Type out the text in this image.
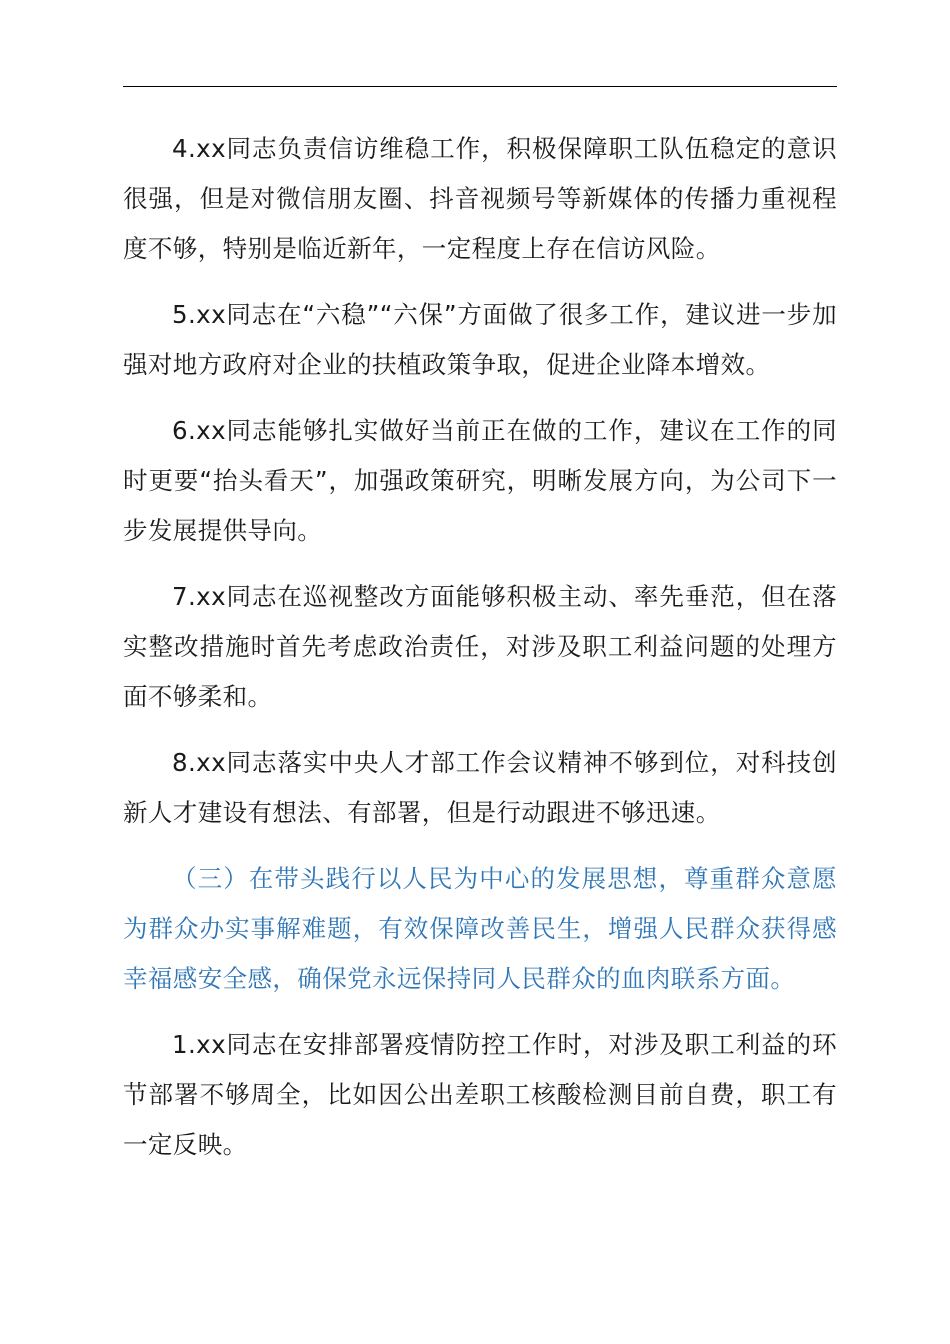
4.xx同志负责信访维稳工作，积极保障职工队伍稳定的意识很强，但是对微信朋友圈、抖音视频号等新媒体的传播力重视程度不够，特别是临近新年，一定程度上存在信访风险。

5.xx同志在“六稳”“六保”方面做了很多工作，建议进一步加强对地方政府对企业的扶植政策争取，促进企业降本增效。

6.xx同志能够扎实做好当前正在做的工作，建议在工作的同时更要“抬头看天”，加强政策研究，明晰发展方向，为公司下一步发展提供导向。

7.xx同志在巡视整改方面能够积极主动、率先垂范，但在落实整改措施时首先考虑政治责任，对涉及职工利益问题的处理方面不够柔和。

8.xx同志落实中央人才部工作会议精神不够到位，对科技创新人才建设有想法、有部署，但是行动跟进不够迅速。

（三）在带头践行以人民为中心的发展思想，尊重群众意愿为群众办实事解难题，有效保障改善民生，增强人民群众获得感幸福感安全感，确保党永远保持同人民群众的血肉联系方面。

1.xx同志在安排部署疫情防控工作时，对涉及职工利益的环节部署不够周全，比如因公出差职工核酸检测目前自费，职工有一定反映。
